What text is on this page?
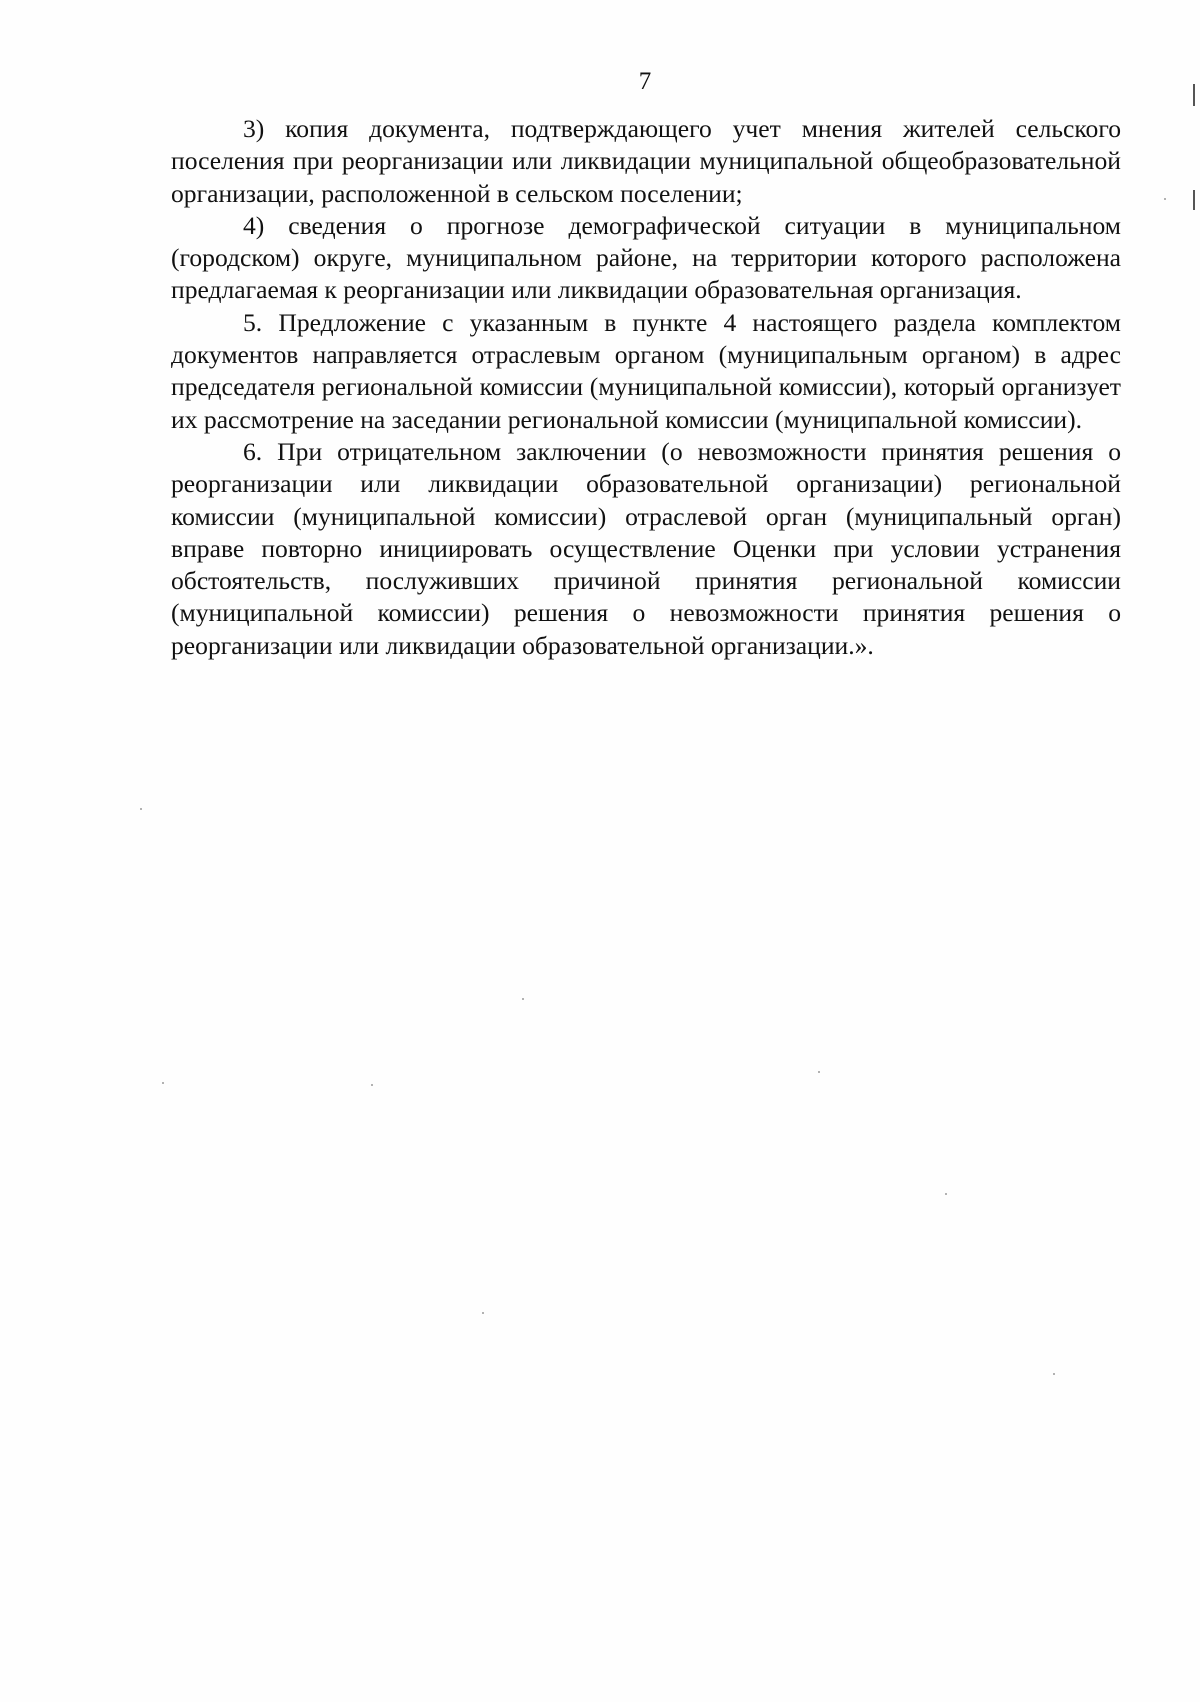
7

3) копия документа, подтверждающего учет мнения жителей сельского поселения при реорганизации или ликвидации муниципальной общеобразовательной организации, расположенной в сельском поселении;

4) сведения о прогнозе демографической ситуации в муниципальном (городском) округе, муниципальном районе, на территории которого расположена предлагаемая к реорганизации или ликвидации образовательная организация.

5. Предложение с указанным в пункте 4 настоящего раздела комплектом документов направляется отраслевым органом (муниципальным органом) в адрес председателя региональной комиссии (муниципальной комиссии), который организует их рассмотрение на заседании региональной комиссии (муниципальной комиссии).

6. При отрицательном заключении (о невозможности принятия решения о реорганизации или ликвидации образовательной организации) региональной комиссии (муниципальной комиссии) отраслевой орган (муниципальный орган) вправе повторно инициировать осуществление Оценки при условии устранения обстоятельств, послуживших причиной принятия региональной комиссии (муниципальной комиссии) решения о невозможности принятия решения о реорганизации или ликвидации образовательной организации.».
